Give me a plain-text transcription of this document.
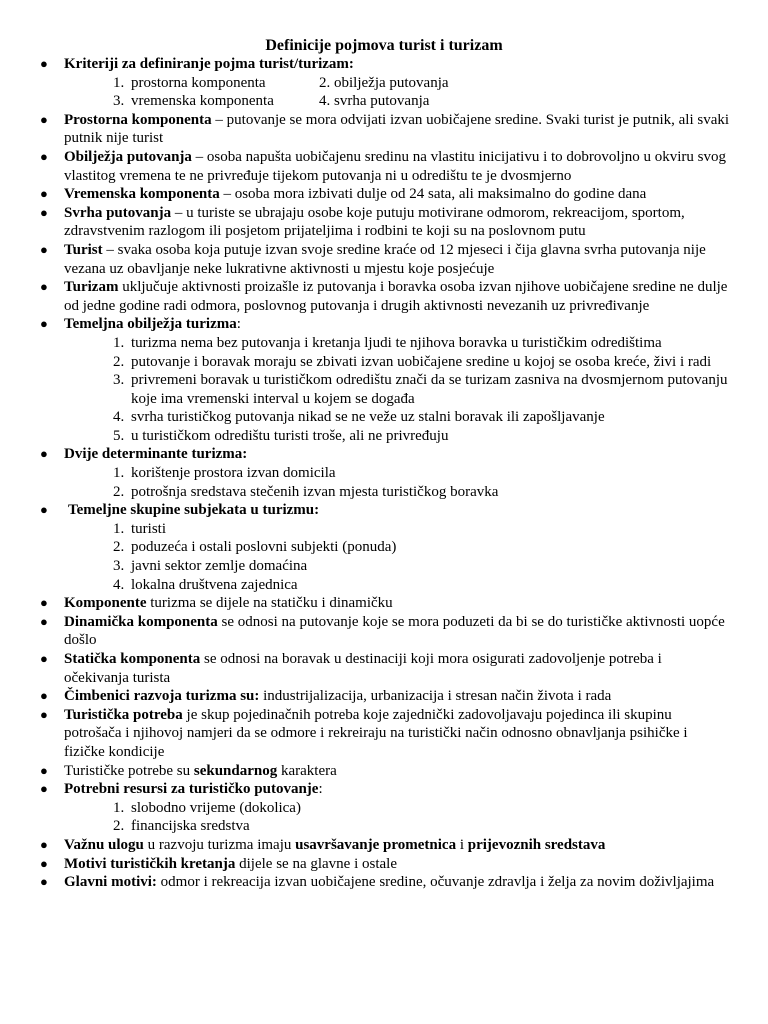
Definicije pojmova turist i turizam
● Kriteriji za definiranje pojma turist/turizam:
1. prostorna komponenta	2. obilježja putovanja
3. vremenska komponenta	4. svrha putovanja
● Prostorna komponenta – putovanje se mora odvijati izvan uobičajene sredine. Svaki turist je putnik, ali svaki putnik nije turist
● Obilježja putovanja – osoba napušta uobičajenu sredinu na vlastitu inicijativu i to dobrovoljno u okviru svog vlastitog vremena te ne privređuje tijekom putovanja ni u odredištu te je dvosmjerno
● Vremenska komponenta – osoba mora izbivati dulje od 24 sata, ali maksimalno do godine dana
● Svrha putovanja – u turiste se ubrajaju osobe koje putuju motivirane odmorom, rekreacijom, sportom, zdravstvenim razlogom ili posjetom prijateljima i rodbini te koji su na poslovnom putu
● Turist – svaka osoba koja putuje izvan svoje sredine kraće od 12 mjeseci i čija glavna svrha putovanja nije vezana uz obavljanje neke lukrativne aktivnosti u mjestu koje posjećuje
● Turizam uključuje aktivnosti proizašle iz putovanja i boravka osoba izvan njihove uobičajene sredine ne dulje od jedne godine radi odmora, poslovnog putovanja i drugih aktivnosti nevezanih uz privređivanje
● Temeljna obilježja turizma:
1. turizma nema bez putovanja i kretanja ljudi te njihova boravka u turističkim odredištima
2. putovanje i boravak moraju se zbivati izvan uobičajene sredine u kojoj se osoba kreće, živi i radi
3. privremeni boravak u turističkom odredištu znači da se turizam zasniva na dvosmjernom putovanju koje ima vremenski interval u kojem se događa
4. svrha turističkog putovanja nikad se ne veže uz stalni boravak ili zapošljavanje
5. u turističkom odredištu turisti troše, ali ne privređuju
● Dvije determinante turizma:
1. korištenje prostora izvan domicila
2. potrošnja sredstava stečenih izvan mjesta turističkog boravka
● Temeljne skupine subjekata u turizmu:
1. turisti
2. poduzeća i ostali poslovni subjekti (ponuda)
3. javni sektor zemlje domaćina
4. lokalna društvena zajednica
● Komponente turizma se dijele na statičku i dinamičku
● Dinamička komponenta se odnosi na putovanje koje se mora poduzeti da bi se do turističke aktivnosti uopće došlo
● Statička komponenta se odnosi na boravak u destinaciji koji mora osigurati zadovoljenje potreba i očekivanja turista
● Čimbenici razvoja turizma su: industrijalizacija, urbanizacija i stresan način života i rada
● Turistička potreba je skup pojedinačnih potreba koje zajednički zadovoljavaju pojedinca ili skupinu potrošača i njihovoj namjeri da se odmore i rekreiraju na turistički način odnosno obnavljanja psihičke i fizičke kondicije
● Turističke potrebe su sekundarnog karaktera
● Potrebni resursi za turističko putovanje:
1. slobodno vrijeme (dokolica)
2. financijska sredstva
● Važnu ulogu u razvoju turizma imaju usavršavanje prometnica i prijevoznih sredstava
● Motivi turističkih kretanja dijele se na glavne i ostale
● Glavni motivi: odmor i rekreacija izvan uobičajene sredine, očuvanje zdravlja i želja za novim doživljajima
